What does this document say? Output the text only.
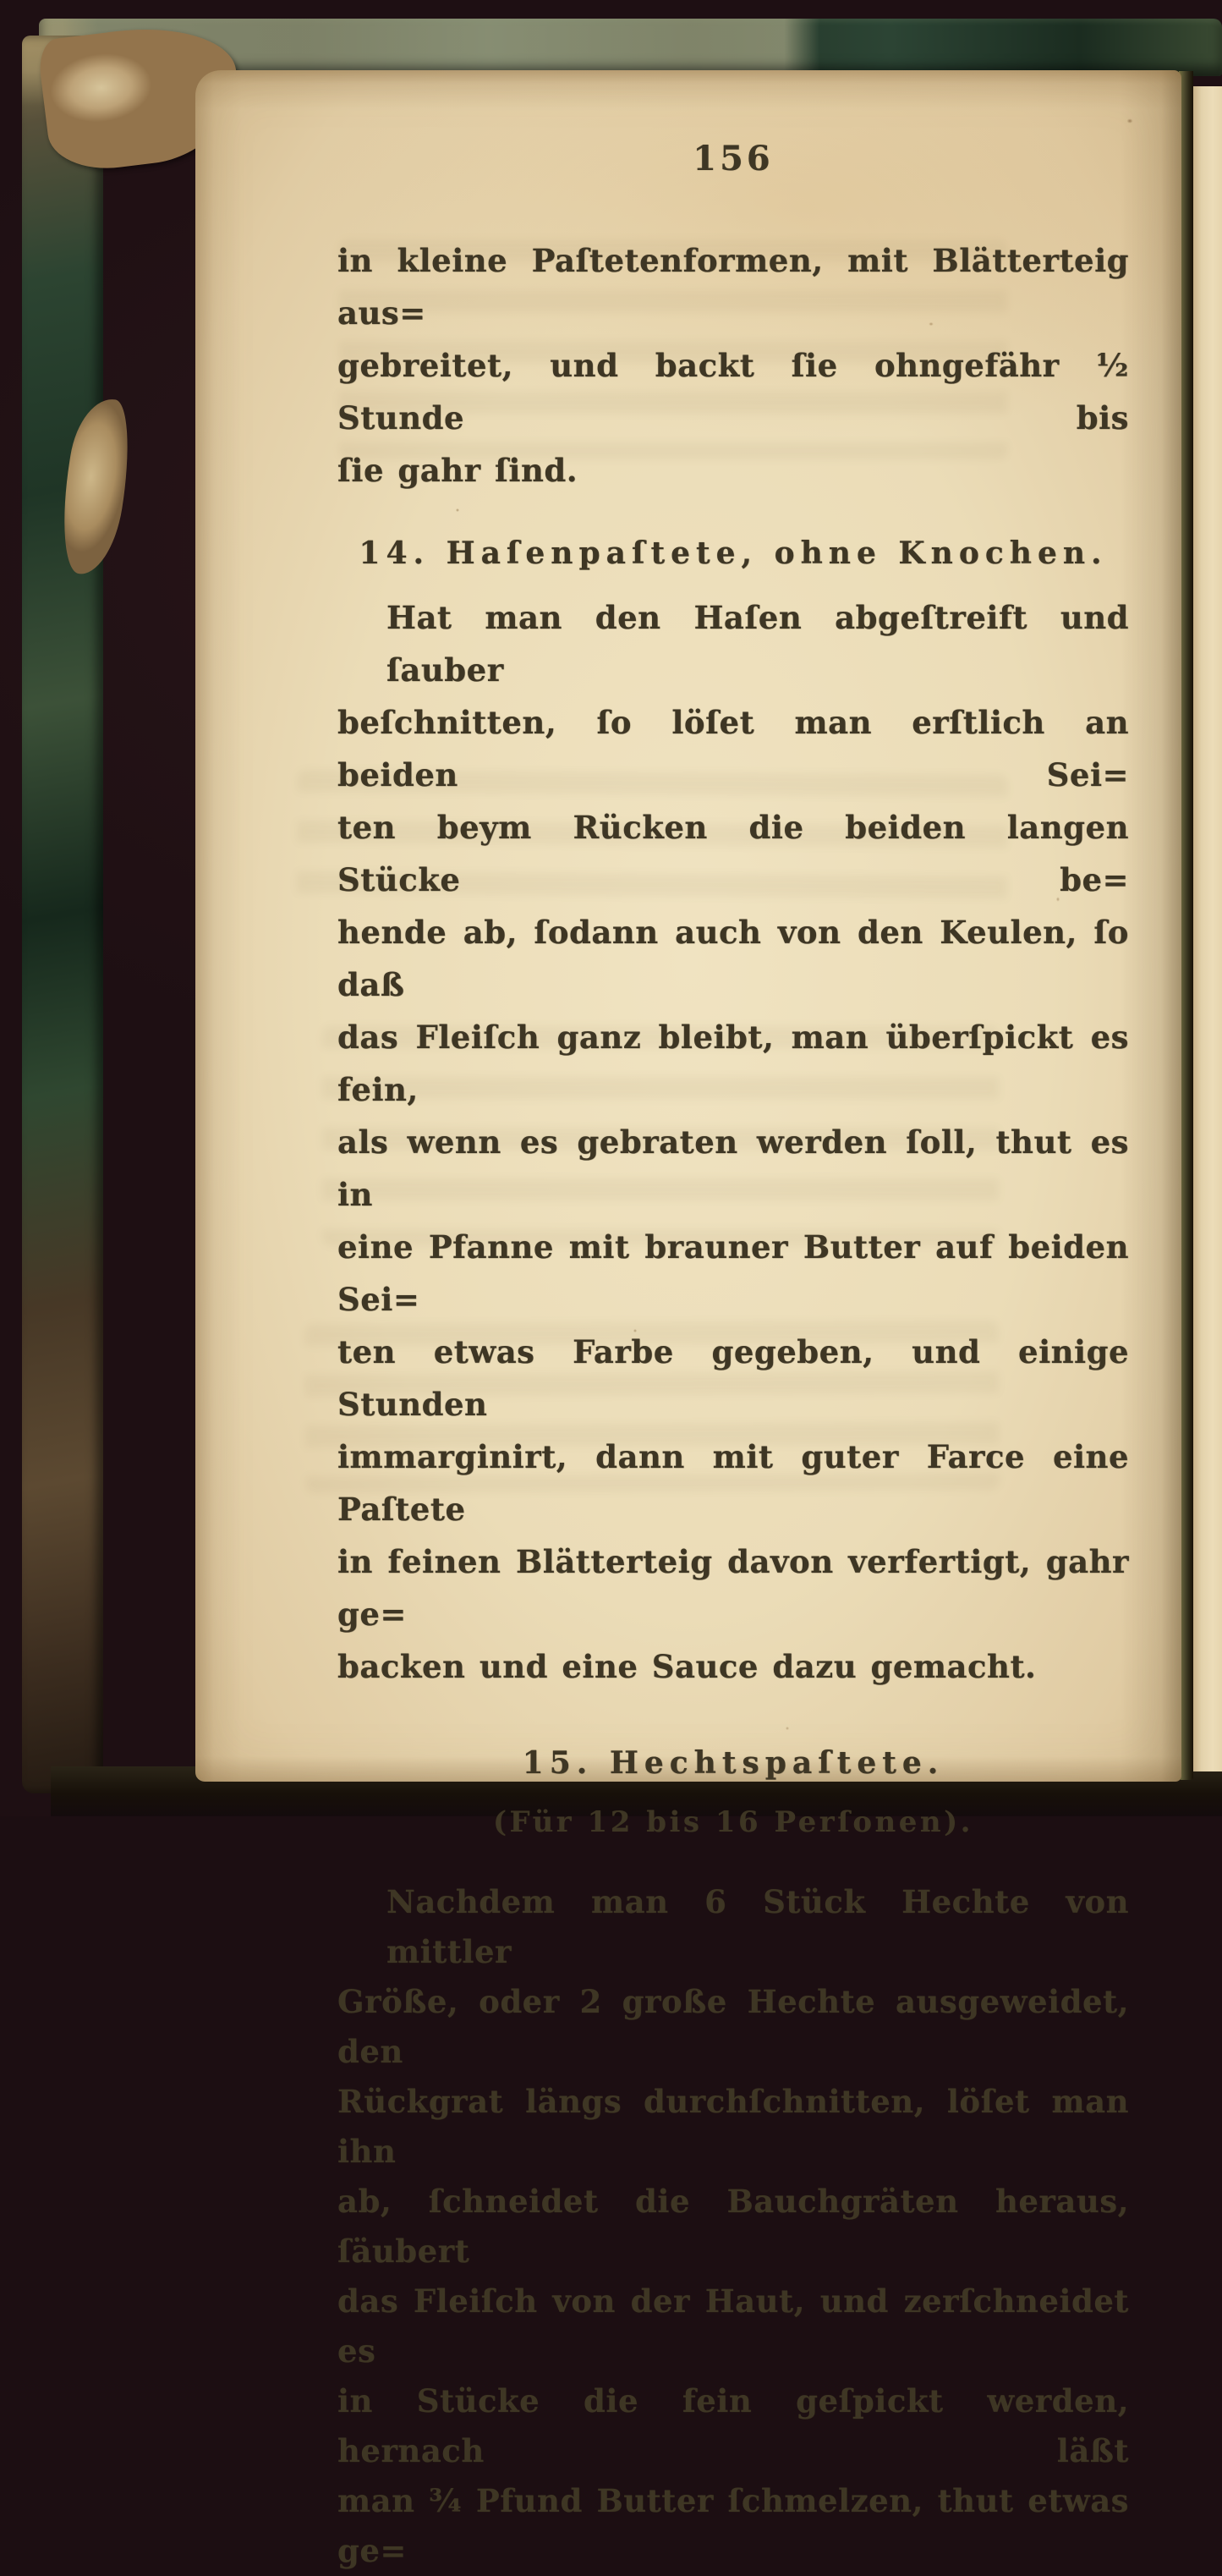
156
in kleine Paſtetenformen, mit Blätterteig aus=
gebreitet, und backt ſie ohngefähr ½ Stunde bis
ſie gahr ſind.
14. Haſenpaſtete, ohne Knochen.
Hat man den Haſen abgeſtreift und ſauber
beſchnitten, ſo löſet man erſtlich an beiden Sei=
ten beym Rücken die beiden langen Stücke be=
hende ab, ſodann auch von den Keulen, ſo daß
das Fleiſch ganz bleibt, man überſpickt es fein,
als wenn es gebraten werden ſoll, thut es in
eine Pfanne mit brauner Butter auf beiden Sei=
ten etwas Farbe gegeben, und einige Stunden
immarginirt, dann mit guter Farce eine Paſtete
in feinen Blätterteig davon verfertigt, gahr ge=
backen und eine Sauce dazu gemacht.
15. Hechtspaſtete.
(Für 12 bis 16 Perſonen).
Nachdem man 6 Stück Hechte von mittler
Größe, oder 2 große Hechte ausgeweidet, den
Rückgrat längs durchſchnitten, löſet man ihn
ab, ſchneidet die Bauchgräten heraus, ſäubert
das Fleiſch von der Haut, und zerſchneidet es
in Stücke die fein geſpickt werden, hernach läßt
man ¾ Pfund Butter ſchmelzen, thut etwas ge=
